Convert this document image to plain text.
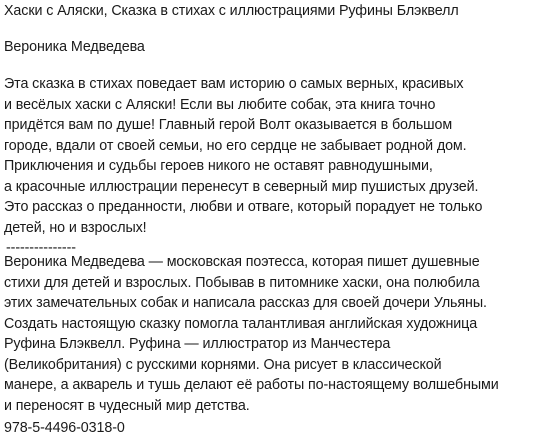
Хаски с Аляски, Сказка в стихах с иллюстрациями Руфины Блэквелл
Вероника Медведева
Эта сказка в стихах поведает вам историю о самых верных, красивых
и весёлых хаски с Аляски! Если вы любите собак, эта книга точно
придётся вам по душе! Главный герой Волт оказывается в большом
городе, вдали от своей семьи, но его сердце не забывает родной дом.
Приключения и судьбы героев никого не оставят равнодушными,
а красочные иллюстрации перенесут в северный мир пушистых друзей.
Это рассказ о преданности, любви и отваге, который порадует не только
детей, но и взрослых!
---------------
Вероника Медведева — московская поэтесса, которая пишет душевные
стихи для детей и взрослых. Побывав в питомнике хаски, она полюбила
этих замечательных собак и написала рассказ для своей дочери Ульяны.
Создать настоящую сказку помогла талантливая английская художница
Руфина Блэквелл. Руфина — иллюстратор из Манчестера
(Великобритания) с русскими корнями. Она рисует в классической
манере, а акварель и тушь делают её работы по-настоящему волшебными
и переносят в чудесный мир детства.
978-5-4496-0318-0
